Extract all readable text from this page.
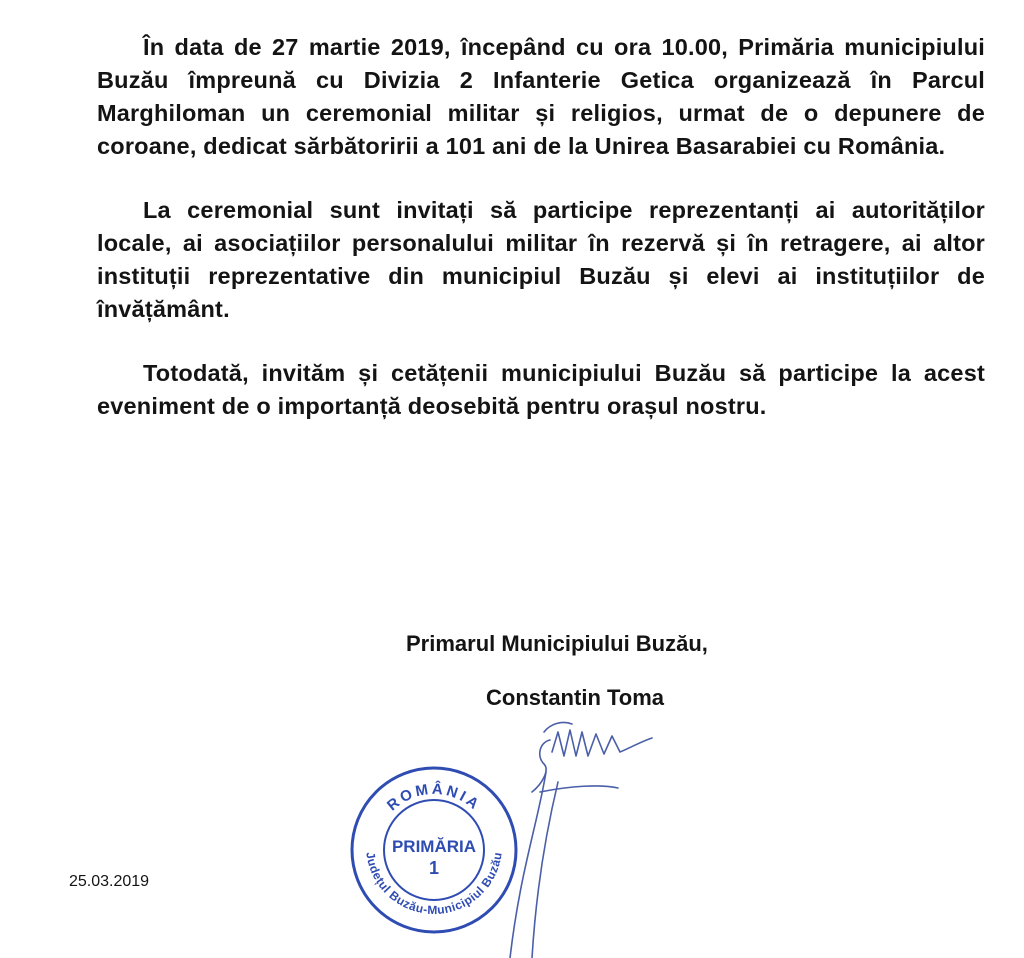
În data de 27 martie 2019, începând cu ora 10.00, Primăria municipiului Buzău împreună cu Divizia 2 Infanterie Getica organizează în Parcul Marghiloman un ceremonial militar și religios, urmat de o depunere de coroane, dedicat sărbătoririi a 101 ani de la Unirea Basarabiei cu România.

La ceremonial sunt invitați să participe reprezentanți ai autorităților locale, ai asociațiilor personalului militar în rezervă și în retragere, ai altor instituții reprezentative din municipiul Buzău și elevi ai instituțiilor de învățământ.

Totodată, invităm și cetățenii municipiului Buzău să participe la acest eveniment de o importanță deosebită pentru orașul nostru.

Primarul Municipiului Buzău,
Constantin Toma
25.03.2019
ROMÂNIA
Județul Buzău-Municipiul Buzău
PRIMĂRIA
1
